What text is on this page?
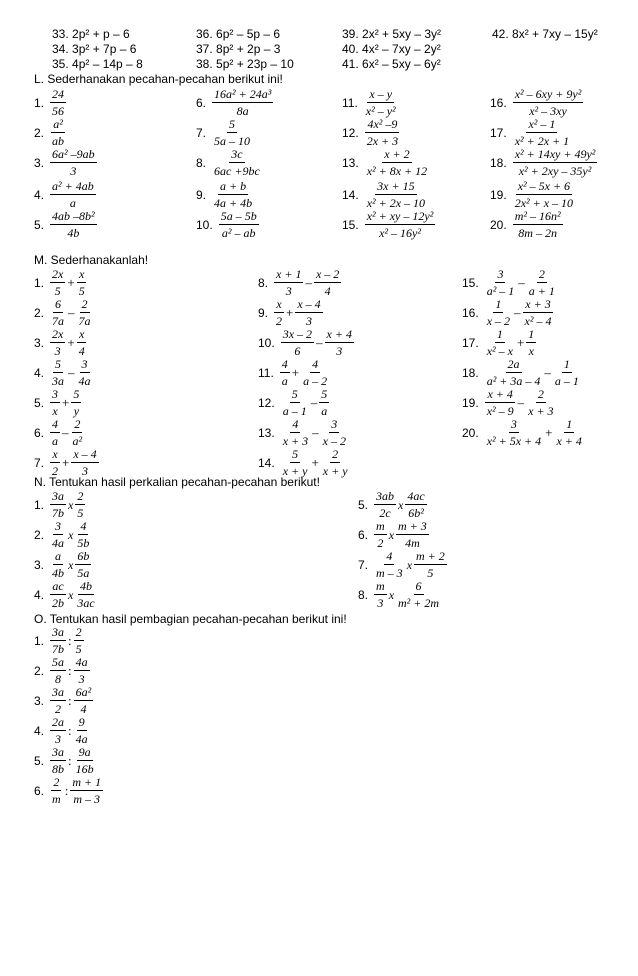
33. 2p² + p – 6	36. 6p² – 5p – 6	39. 2x² + 5xy – 3y²	42. 8x² + 7xy – 15y²
34. 3p² + 7p – 6	37. 8p² + 2p – 3	40. 4x² – 7xy – 2y²
35. 4p² – 14p – 8	38. 5p² + 23p – 10	41. 6x² – 5xy – 6y²
L. Sederhanakan pecahan-pecahan berikut ini!
1. $\frac{24}{56}$
2. $\frac{\text{a²}}{ab}$
3. $\frac{\text{6a² –9ab}}{3}$
4. $\frac{\text{a² + 4ab}}{a}$
5. $\frac{\text{4ab –8b²}}{4b}$
6. $\frac{\text{16a² + 24a³}}{8a}$
7. $\frac{5}{5a - 10}$
8. $\frac{3c}{6ac +9bc}$
9. $\frac{a + b}{4a + 4b}$
10. $\frac{5a - 5b}{\text{a² – ab}}$
11. $\frac{x - y}{\text{x² – y²}}$
12. $\frac{\text{4x² –9}}{2x + 3}$
13. $\frac{x + 2}{\text{x² + 8x + 12}}$
14. $\frac{3x + 15}{\text{x² + 2x – 10}}$
15. $\frac{\text{x² + xy – 12y²}}{\text{x² – 16y²}}$
16. $\frac{\text{x² – 6xy + 9y²}}{\text{x² – 3xy}}$
17. $\frac{\text{x² – 1}}{\text{x² + 2x + 1}}$
18. $\frac{\text{x² + 14xy + 49y²}}{\text{x² + 2xy – 35y²}}$
19. $\frac{\text{x² – 5x + 6}}{\text{2x² + x – 10}}$
20. $\frac{\text{m² – 16n²}}{8m - 2n}$
M. Sederhanakanlah!
1. $\frac{2x}{5} + \frac{x}{5}$
2. $\frac{6}{7a} - \frac{2}{7a}$
3. $\frac{2x}{3} + \frac{x}{4}$
4. $\frac{5}{3a} - \frac{3}{4a}$
5. $\frac{3}{x} + \frac{5}{y}$
6. $\frac{4}{a} - \frac{2}{\text{a²}}$
7. $\frac{x}{2} + \frac{x - 4}{3}$
8. $\frac{x + 1}{3} - \frac{x - 2}{4}$
9. $\frac{x}{2} + \frac{x - 4}{3}$
10. $\frac{3x - 2}{6} - \frac{x + 4}{3}$
11. $\frac{4}{a} + \frac{4}{a - 2}$
12. $\frac{5}{a - 1} - \frac{5}{a}$
13. $\frac{4}{x + 3} - \frac{3}{x - 2}$
14. $\frac{5}{x + y} + \frac{2}{x + y}$
15. $\frac{3}{\text{a² – 1}} - \frac{2}{a + 1}$
16. $\frac{1}{x - 2} - \frac{x + 3}{\text{x² – 4}}$
17. $\frac{1}{\text{x² – x}} + \frac{1}{x}$
18. $\frac{2a}{\text{a² + 3a – 4}} - \frac{1}{a - 1}$
19. $\frac{x + 4}{\text{x² – 9}} - \frac{2}{x + 3}$
20. $\frac{3}{\text{x² + 5x + 4}} + \frac{1}{x + 4}$
N. Tentukan hasil perkalian pecahan-pecahan berikut!
1. $\frac{3a}{7b}$ x $\frac{2}{5}$
2. $\frac{3}{4a}$ x $\frac{4}{5b}$
3. $\frac{a}{4b}$ x $\frac{6b}{5a}$
4. $\frac{ac}{2b}$ x $\frac{4b}{3ac}$
5. $\frac{3ab}{2c}$ x $\frac{4ac}{\text{6b²}}$
6. $\frac{m}{2}$ x $\frac{m + 3}{4m}$
7. $\frac{4}{m - 3}$ x $\frac{m + 2}{5}$
8. $\frac{m}{3}$ x $\frac{6}{\text{m² + 2m}}$
O. Tentukan hasil pembagian pecahan-pecahan berikut ini!
1. $\frac{3a}{7b}$ : $\frac{2}{5}$
2. $\frac{5a}{8}$ : $\frac{4a}{3}$
3. $\frac{3a}{2}$ : $\frac{\text{6a²}}{4}$
4. $\frac{2a}{3}$ : $\frac{9}{4a}$
5. $\frac{3a}{8b}$ : $\frac{9a}{16b}$
6. $\frac{2}{m}$ : $\frac{m + 1}{m - 3}$
